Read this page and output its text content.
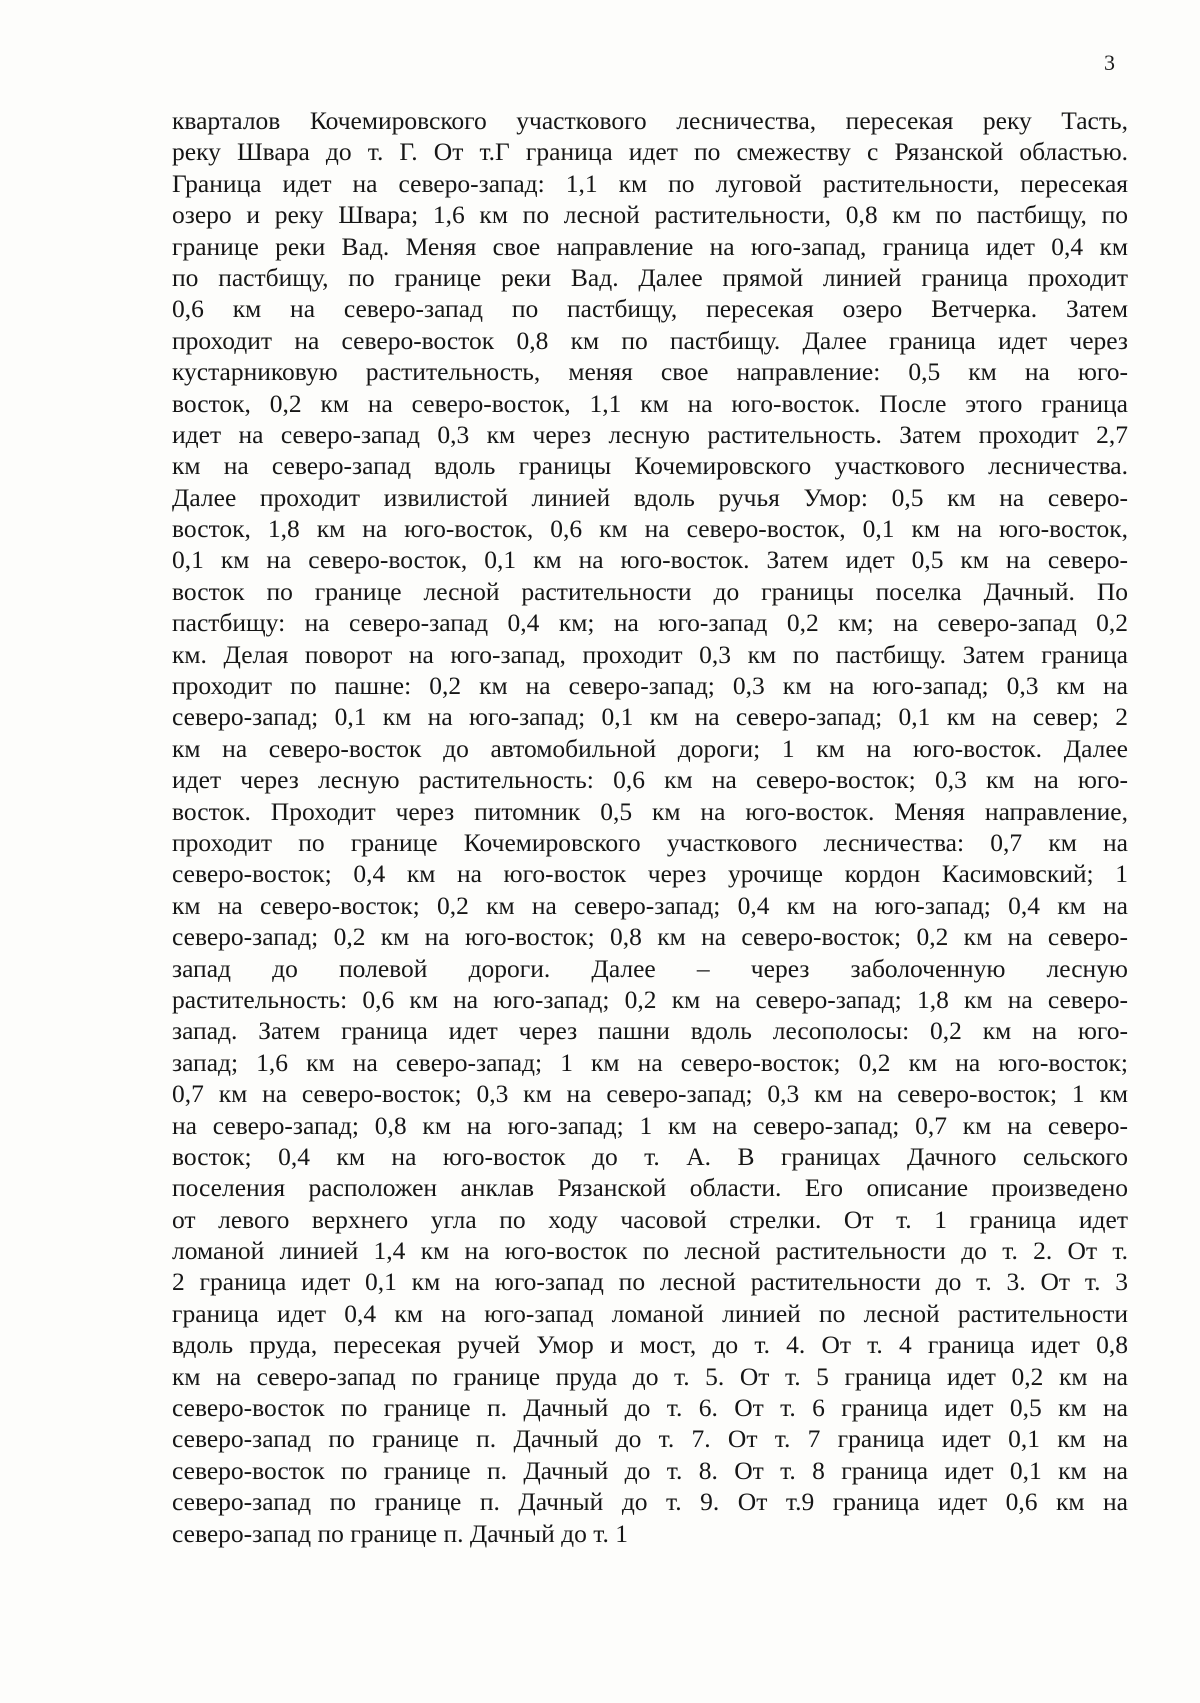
3
кварталов Кочемировского участкового лесничества, пересекая реку Тасть,
реку Швара до т. Г. От т.Г граница идет по смежеству с Рязанской областью.
Граница идет на северо-запад: 1,1 км по луговой растительности, пересекая
озеро и реку Швара; 1,6 км по лесной растительности, 0,8 км по пастбищу, по
границе реки Вад. Меняя свое направление на юго-запад, граница идет 0,4 км
по пастбищу, по границе реки Вад. Далее прямой линией граница проходит
0,6 км на северо-запад по пастбищу, пересекая озеро Ветчерка. Затем
проходит на северо-восток 0,8 км по пастбищу. Далее граница идет через
кустарниковую растительность, меняя свое направление: 0,5 км на юго-
восток, 0,2 км на северо-восток, 1,1 км на юго-восток. После этого граница
идет на северо-запад 0,3 км через лесную растительность. Затем проходит 2,7
км на северо-запад вдоль границы Кочемировского участкового лесничества.
Далее проходит извилистой линией вдоль ручья Умор: 0,5 км на северо-
восток, 1,8 км на юго-восток, 0,6 км на северо-восток, 0,1 км на юго-восток,
0,1 км на северо-восток, 0,1 км на юго-восток. Затем идет 0,5 км на северо-
восток по границе лесной растительности до границы поселка Дачный. По
пастбищу: на северо-запад 0,4 км; на юго-запад 0,2 км; на северо-запад 0,2
км. Делая поворот на юго-запад, проходит 0,3 км по пастбищу. Затем граница
проходит по пашне: 0,2 км на северо-запад; 0,3 км на юго-запад; 0,3 км на
северо-запад; 0,1 км на юго-запад; 0,1 км на северо-запад; 0,1 км на север; 2
км на северо-восток до автомобильной дороги; 1 км на юго-восток. Далее
идет через лесную растительность: 0,6 км на северо-восток; 0,3 км на юго-
восток. Проходит через питомник 0,5 км на юго-восток. Меняя направление,
проходит по границе Кочемировского участкового лесничества: 0,7 км на
северо-восток; 0,4 км на юго-восток через урочище кордон Касимовский; 1
км на северо-восток; 0,2 км на северо-запад; 0,4 км на юго-запад; 0,4 км на
северо-запад; 0,2 км на юго-восток; 0,8 км на северо-восток; 0,2 км на северо-
запад до полевой дороги. Далее – через заболоченную лесную
растительность: 0,6 км на юго-запад; 0,2 км на северо-запад; 1,8 км на северо-
запад. Затем граница идет через пашни вдоль лесополосы: 0,2 км на юго-
запад; 1,6 км на северо-запад; 1 км на северо-восток; 0,2 км на юго-восток;
0,7 км на северо-восток; 0,3 км на северо-запад; 0,3 км на северо-восток; 1 км
на северо-запад; 0,8 км на юго-запад; 1 км на северо-запад; 0,7 км на северо-
восток; 0,4 км на юго-восток до т. А. В границах Дачного сельского
поселения расположен анклав Рязанской области. Его описание произведено
от левого верхнего угла по ходу часовой стрелки. От т. 1 граница идет
ломаной линией 1,4 км на юго-восток по лесной растительности до т. 2. От т.
2 граница идет 0,1 км на юго-запад по лесной растительности до т. 3. От т. 3
граница идет 0,4 км на юго-запад ломаной линией по лесной растительности
вдоль пруда, пересекая ручей Умор и мост, до т. 4. От т. 4 граница идет 0,8
км на северо-запад по границе пруда до т. 5. От т. 5 граница идет 0,2 км на
северо-восток по границе п. Дачный до т. 6. От т. 6 граница идет 0,5 км на
северо-запад по границе п. Дачный до т. 7. От т. 7 граница идет 0,1 км на
северо-восток по границе п. Дачный до т. 8. От т. 8 граница идет 0,1 км на
северо-запад по границе п. Дачный до т. 9. От т.9 граница идет 0,6 км на
северо-запад по границе п. Дачный до т. 1
